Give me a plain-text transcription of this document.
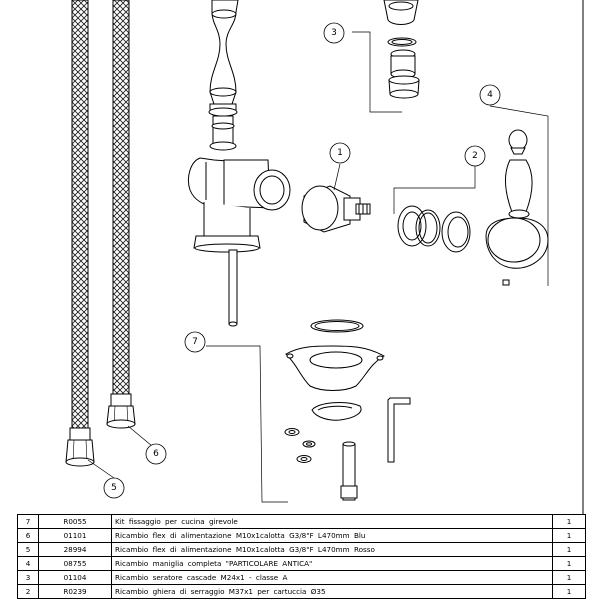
1	2
3
4
5
6
7
7	R0055	Kit fissaggio per cucina girevole	1
6	01101	Ricambio flex di alimentazione M10x1calotta G3/8"F L470mm Blu	1
5	28994	Ricambio flex di alimentazione M10x1calotta G3/8"F L470mm Rosso	1
4	08755	Ricambio maniglia completa "PARTICOLARE ANTICA"	1
3	01104	Ricambio seratore cascade M24x1 - classe A	1
2	R0239	Ricambio ghiera di serraggio M37x1 per cartuccia Ø35	1
